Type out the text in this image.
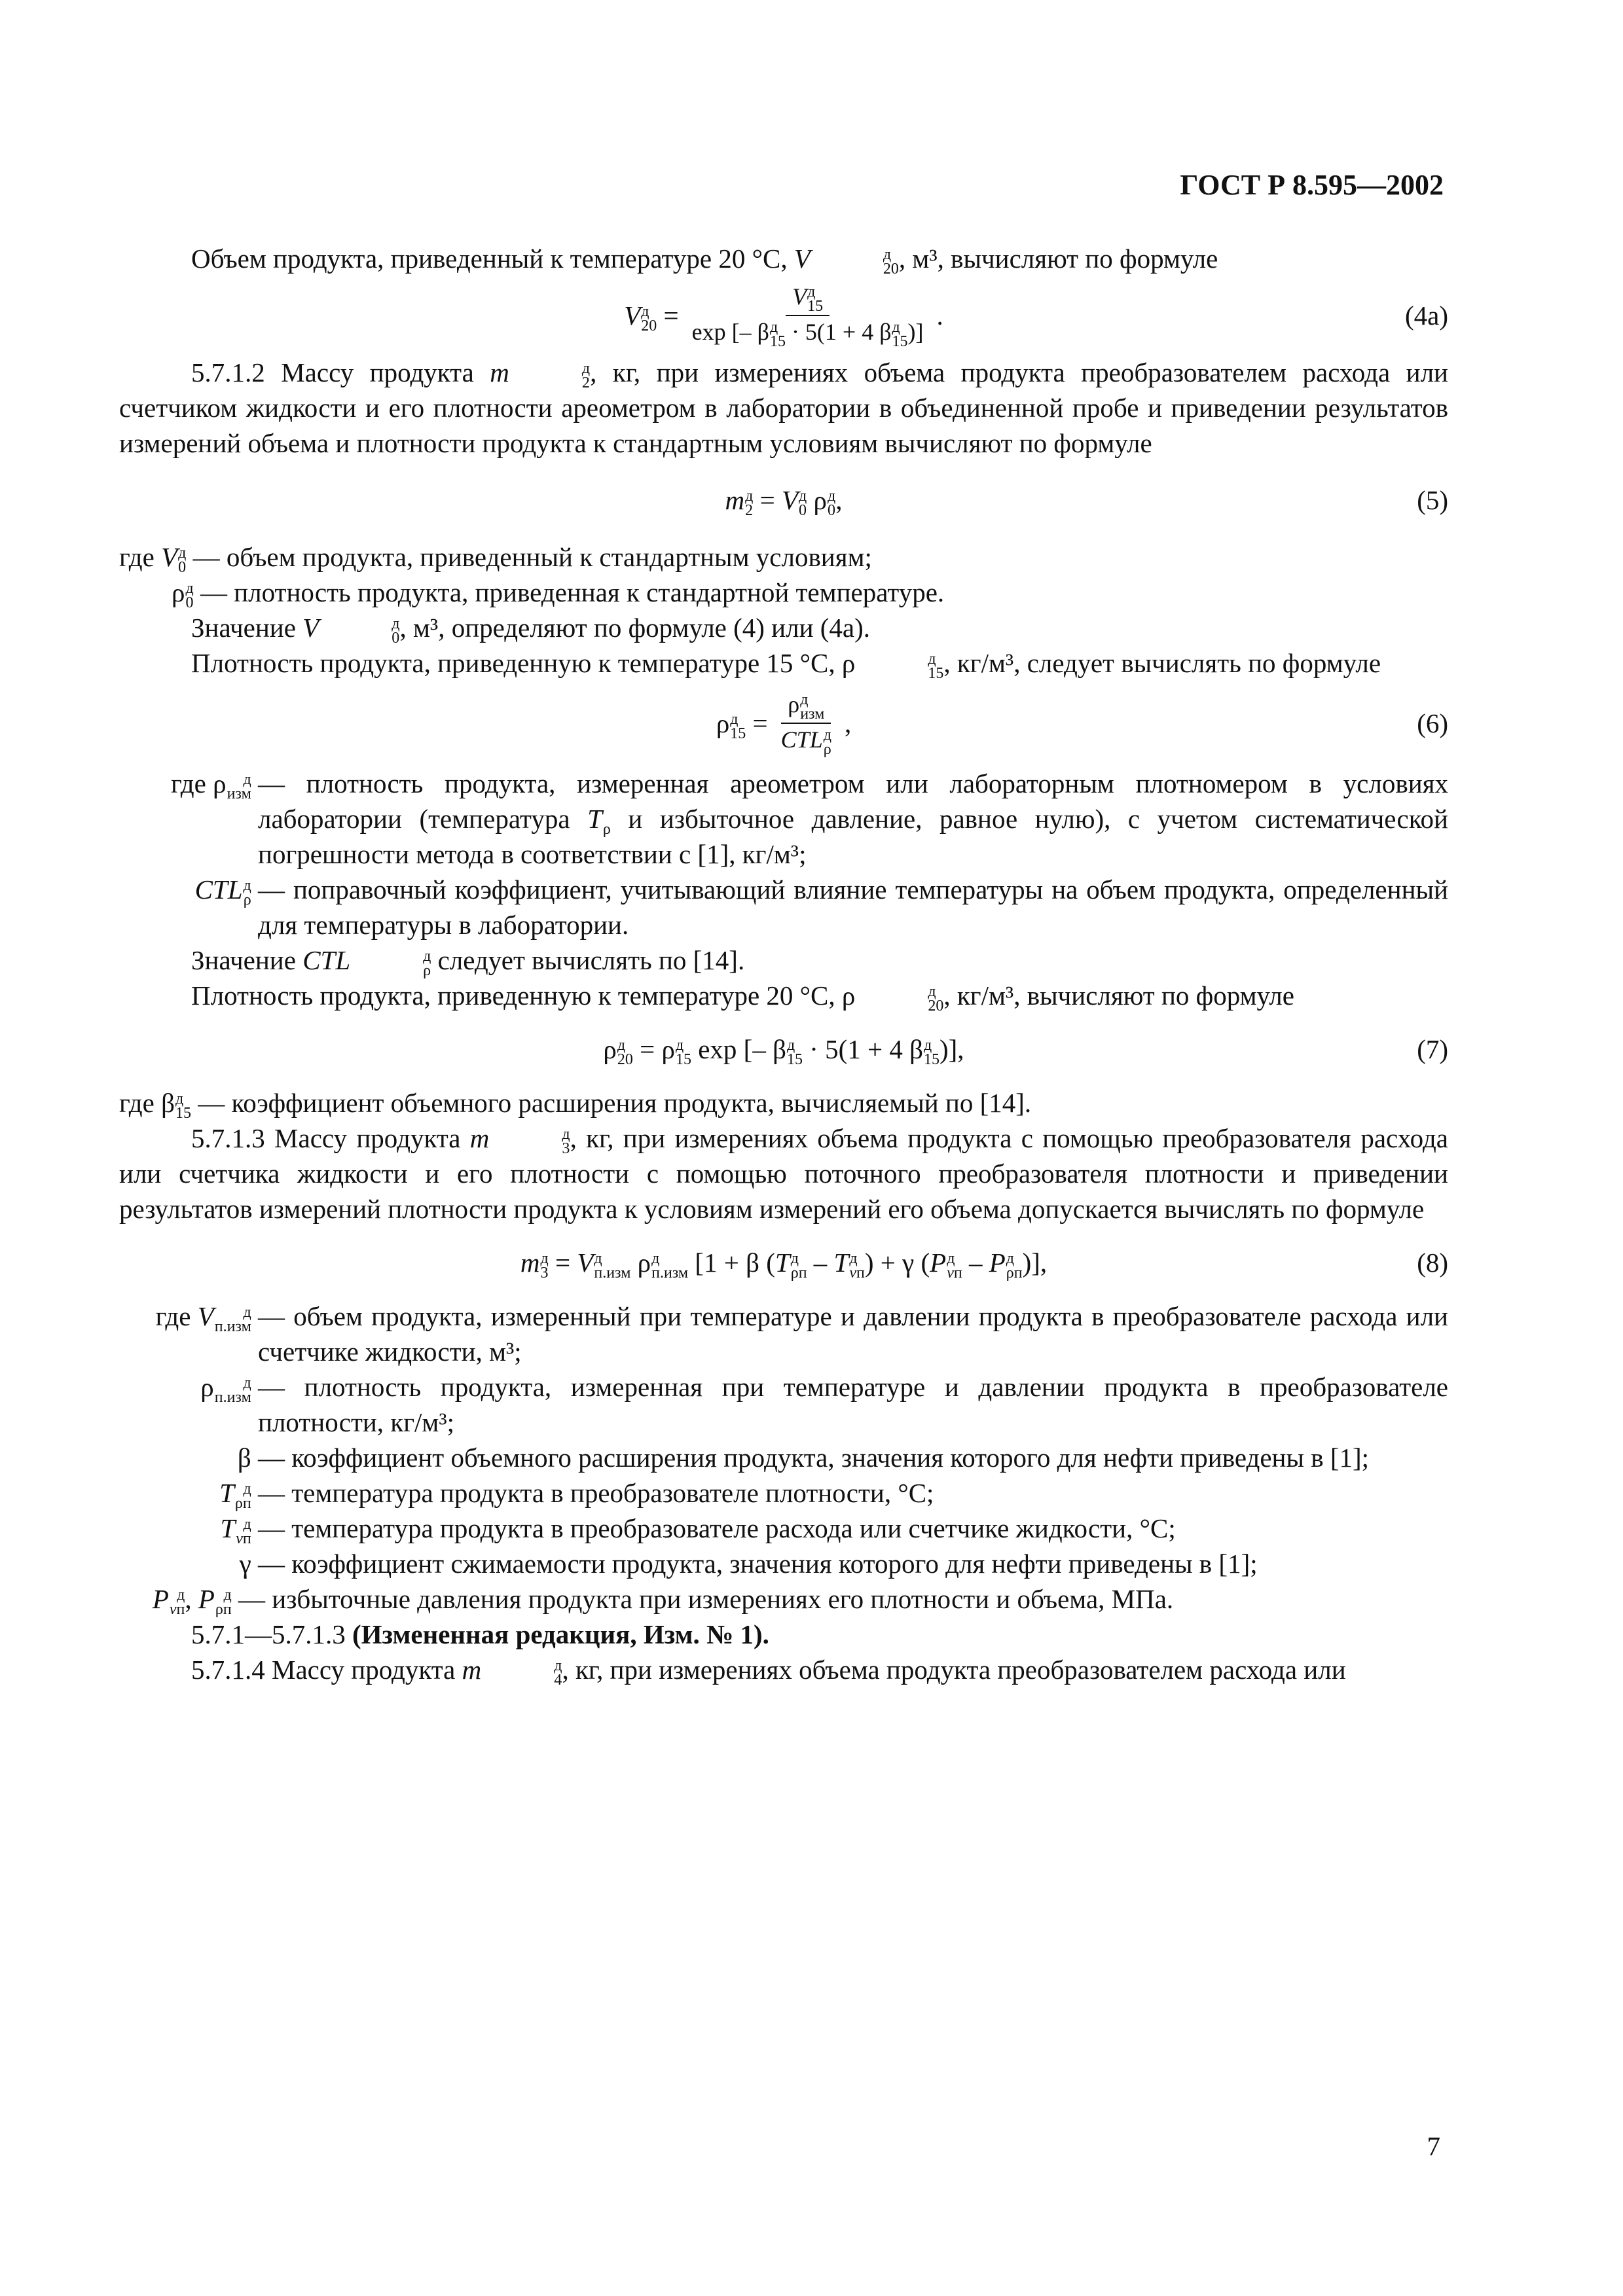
ГОСТ Р 8.595—2002

Объем продукта, приведенный к температуре 20 °С, V	д
20 , м³, вычисляют по формуле

V д
20 = V д
15
exp [– β д
15 · 5(1 + 4 β д
15 )] .	(4а)

5.7.1.2 Массу продукта m	д
2 , кг, при измерениях объема продукта преобразователем расхода или счетчиком жидкости и его плотности ареометром в лаборатории в объединенной пробе и приведении результатов измерений объема и плотности продукта к стандартным условиям вычисляют по формуле

m д
2 = V д
0 ρ д
0 ,	(5)

где V д
0 — объем продукта, приведенный к стандартным условиям;

ρ д
0 — плотность продукта, приведенная к стандартной температуре.

Значение V	д
0 , м³, определяют по формуле (4) или (4а).

Плотность продукта, приведенную к температуре 15 °С, ρ	д
15 , кг/м³, следует вычислять по формуле

ρ д
15 = ρ д
изм
CTL д
ρ ,	(6)
где ρ	д
изм
— плотность продукта, измеренная ареометром или лабораторным плотномером в условиях лаборатории (температура T
ρ и избыточное давление, равное нулю), с учетом систематической погрешности метода в соответствии с [1], кг/м³;
CTL д
ρ
— поправочный коэффициент, учитывающий влияние температуры на объем продукта, определенный для температуры в лаборатории.

Значение CTL	д
ρ следует вычислять по [14].

Плотность продукта, приведенную к температуре 20 °С, ρ	д
20 , кг/м³, вычисляют по формуле

ρ д
20 = ρ д
15 exp [– β д
15 · 5(1 + 4 β д
15 )],	(7)

где β д
15 — коэффициент объемного расширения продукта, вычисляемый по [14].

5.7.1.3 Массу продукта m	д
3 , кг, при измерениях объема продукта с помощью преобразователя расхода или счетчика жидкости и его плотности с помощью поточного преобразователя плотности и приведении результатов измерений плотности продукта к условиям измерений его объема допускается вычислять по формуле

m д
3 = V д
п.изм ρ д
п.изм [1 + β (T д
ρп – T д
vп ) + γ (P д
vп – P д
ρп )],	(8)
где V	д
п.изм
— объем продукта, измеренный при температуре и давлении продукта в преобразователе расхода или счетчике жидкости, м³;
ρ	д
п.изм
— плотность продукта, измеренная при температуре и давлении продукта в преобразователе плотности, кг/м³;
β — коэффициент объемного расширения продукта, значения которого для нефти приведены в [1];
T д
ρп
— температура продукта в преобразователе плотности, °С;
T д
vп
— температура продукта в преобразователе расхода или счетчике жидкости, °С;
γ — коэффициент сжимаемости продукта, значения которого для нефти приведены в [1];
P д
vп , P д
ρп
— избыточные давления продукта при измерениях его плотности и объема, МПа.

5.7.1—5.7.1.3 (Измененная редакция, Изм. № 1).

5.7.1.4 Массу продукта m	д
4 , кг, при измерениях объема продукта преобразователем расхода или

7
